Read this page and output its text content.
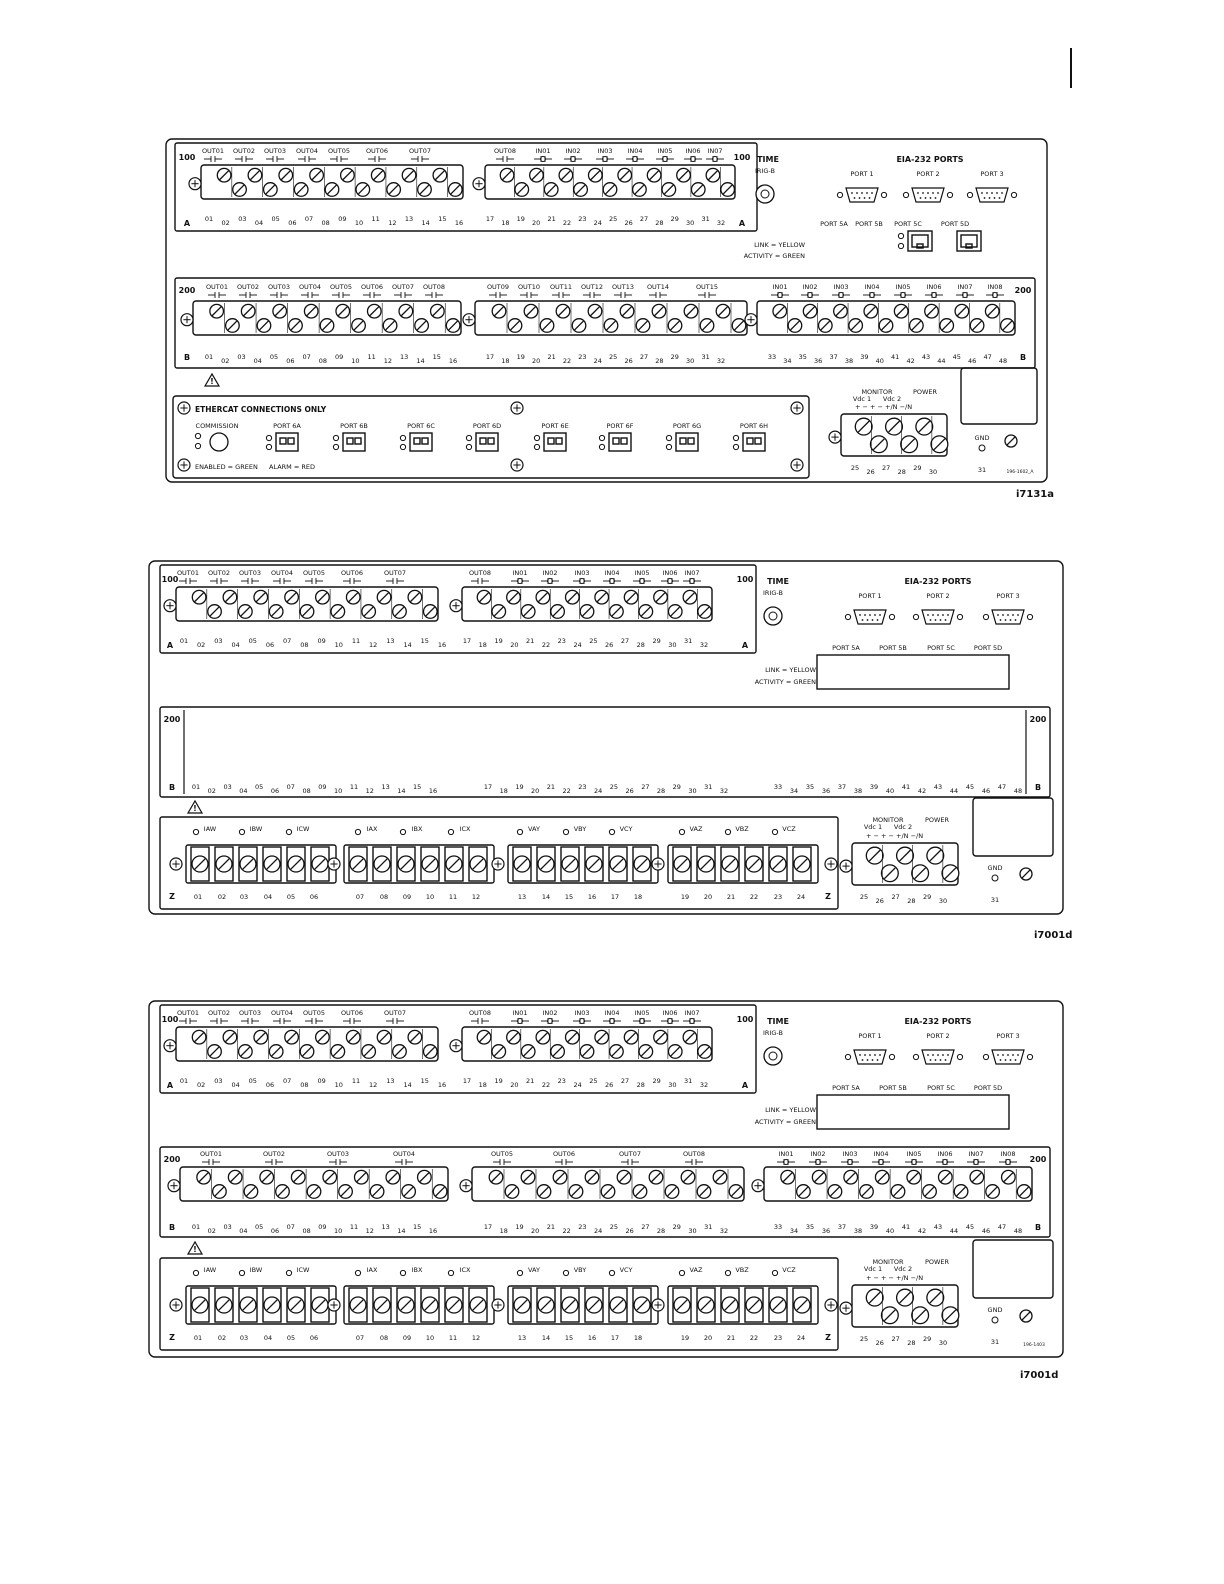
100	100
A	A
OUT01 OUT02 OUT03 OUT04 OUT05 OUT06	OUT07	OUT08	IN01 IN02	IN03 IN04 IN05 IN06 IN07
01 02 03 04 05 06 07 08 09 10 11 12 13 14 15 16	17 18 19 20 21 22 23 24 25 26 27 28 29 30 31 32
TIME
IRIG-B
EIA-232 PORTS
PORT 1	PORT 2	PORT 3
PORT 5A PORT 5B PORT 5C	PORT 5D
LINK = YELLOW
ACTIVITY = GREEN
200	200
B	B
OUT01 OUT02 OUT03 OUT04 OUT05 OUT06 OUT07 OUT08	OUT09 OUT10 OUT11 OUT12 OUT13 OUT14	OUT15	IN01 IN02 IN03 IN04 IN05 IN06 IN07 IN08
01 02 03 04 05 06 07 08 09 10 11 12 13 14 15 16	17 18 19 20 21 22 23 24 25 26 27 28 29 30 31 32	33 34 35 36 37 38 39 40 41 42 43 44 45 46 47 48
!
ETHERCAT CONNECTIONS ONLY
COMMISSION	PORT 6A	PORT 6B	PORT 6C	PORT 6D	PORT 6E	PORT 6F	PORT 6G	PORT 6H
ENABLED = GREEN ALARM = RED
MONITOR
Vdc 1 Vdc 2
POWER
+ − + − +/N −/N
25 26 27 28 29 30
GND
31	196-1602_A
i7131a
100	100
A	A
OUT01 OUT02 OUT03 OUT04 OUT05 OUT06	OUT07	OUT08	IN01 IN02	IN03 IN04 IN05 IN06 IN07
01 02 03 04 05 06 07 08 09 10 11 12 13 14 15 16	17 18 19 20 21 22 23 24 25 26 27 28 29 30 31 32
TIME
IRIG-B
EIA-232 PORTS
PORT 1	PORT 2	PORT 3
PORT 5A	PORT 5B	PORT 5C	PORT 5D
LINK = YELLOW
ACTIVITY = GREEN
200	200
B	B
01 02 03 04 05 06 07 08 09 10 11 12 13 14 15 16	17 18 19 20 21 22 23 24 25 26 27 28 29 30 31 32	33 34 35 36 37 38 39 40 41 42 43 44 45 46 47 48
!
Z	Z
IAW	IBW	ICW	IAX	IBX	ICX	VAY	VBY	VCY	VAZ	VBZ	VCZ
01 02 03 04 05 06	07 08 09 10 11 12	13 14 15 16 17 18	19 20 21 22 23 24
MONITOR
Vdc 1 Vdc 2
POWER
+ − + − +/N −/N
25 26 27 28 29 30
GND
31
i7001d
100	100
A	A
OUT01 OUT02 OUT03 OUT04 OUT05 OUT06	OUT07	OUT08	IN01 IN02	IN03 IN04 IN05 IN06 IN07
01 02 03 04 05 06 07 08 09 10 11 12 13 14 15 16	17 18 19 20 21 22 23 24 25 26 27 28 29 30 31 32
TIME
IRIG-B
EIA-232 PORTS
PORT 1	PORT 2	PORT 3
PORT 5A	PORT 5B	PORT 5C	PORT 5D
LINK = YELLOW
ACTIVITY = GREEN
200	200
B	B
OUT01	OUT02	OUT03	OUT04	OUT05	OUT06	OUT07	OUT08	IN01	IN02	IN03 IN04	IN05 IN06 IN07	IN08
01 02 03 04 05 06 07 08 09 10 11 12 13 14 15 16	17 18 19 20 21 22 23 24 25 26 27 28 29 30 31 32	33 34 35 36 37 38 39 40 41 42 43 44 45 46 47 48
!
Z	Z
IAW	IBW	ICW	IAX	IBX	ICX	VAY	VBY	VCY	VAZ	VBZ	VCZ
01 02 03 04 05 06	07 08 09 10 11 12	13 14 15 16 17 18	19 20 21 22 23 24
MONITOR
Vdc 1 Vdc 2
POWER
+ − + − +/N −/N
25 26 27 28 29 30
GND
31	196-1403
i7001d
